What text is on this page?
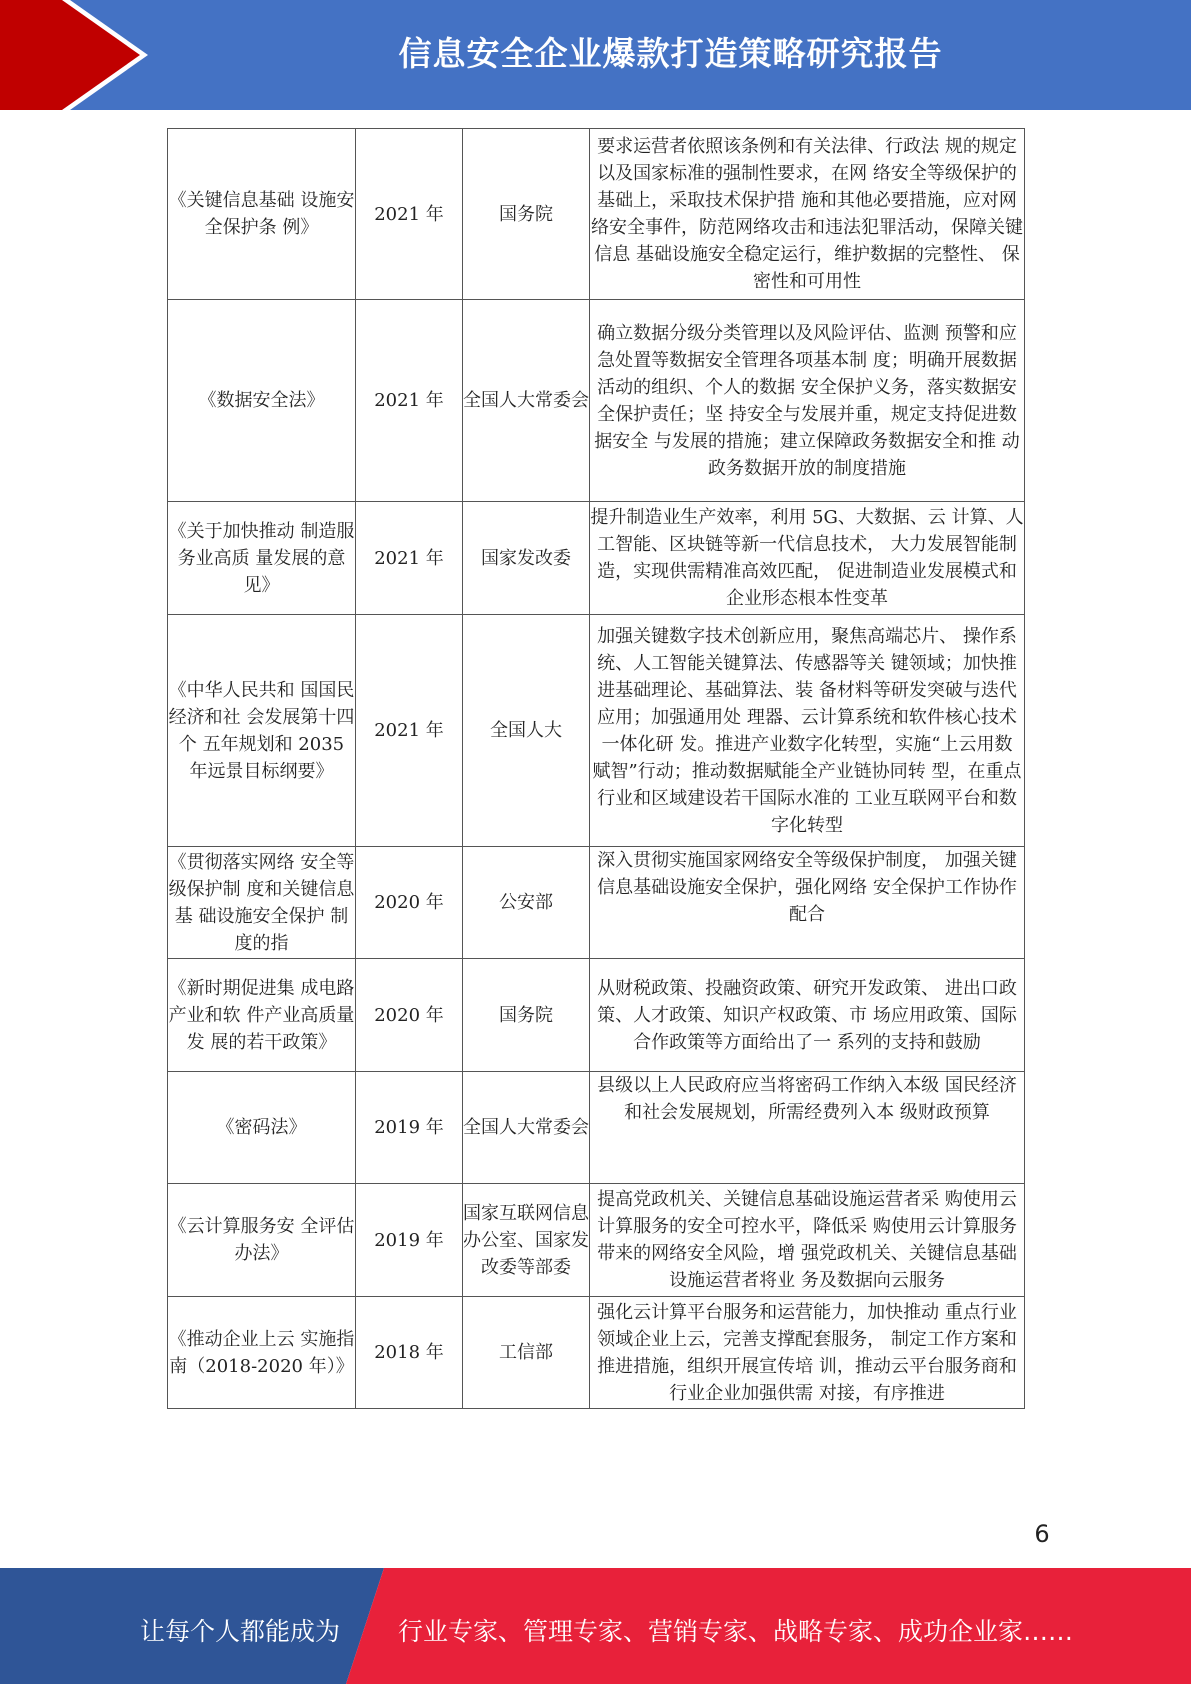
信息安全企业爆款打造策略研究报告
《关键信息基础 设施安全保护条 例》	2021 年	国务院	要求运营者依照该条例和有关法律、行政法 规的规定以及国家标准的强制性要求，在网 络安全等级保护的基础上，采取技术保护措 施和其他必要措施，应对网络安全事件，防范网络攻击和违法犯罪活动，保障关键信息 基础设施安全稳定运行，维护数据的完整性、 保密性和可用性
《数据安全法》	2021 年	全国人大常委会	确立数据分级分类管理以及风险评估、监测 预警和应急处置等数据安全管理各项基本制 度；明确开展数据活动的组织、个人的数据 安全保护义务，落实数据安全保护责任；坚 持安全与发展并重，规定支持促进数据安全 与发展的措施；建立保障政务数据安全和推 动政务数据开放的制度措施
《关于加快推动 制造服务业高质 量发展的意见》	2021 年	国家发改委	提升制造业生产效率，利用 5G、大数据、云 计算、人工智能、区块链等新一代信息技术， 大力发展智能制造，实现供需精准高效匹配， 促进制造业发展模式和企业形态根本性变革
《中华人民共和 国国民经济和社 会发展第十四个 五年规划和 2035 年远景目标纲要》	2021 年	全国人大	加强关键数字技术创新应用，聚焦高端芯片、 操作系统、人工智能关键算法、传感器等关 键领域；加快推进基础理论、基础算法、装 备材料等研发突破与迭代应用；加强通用处 理器、云计算系统和软件核心技术一体化研 发。推进产业数字化转型，实施“上云用数 赋智”行动；推动数据赋能全产业链协同转 型，在重点行业和区域建设若干国际水准的 工业互联网平台和数字化转型
《贯彻落实网络 安全等级保护制 度和关键信息基 础设施安全保护 制度的指	2020 年	公安部	深入贯彻实施国家网络安全等级保护制度， 加强关键信息基础设施安全保护，强化网络 安全保护工作协作配合
《新时期促进集 成电路产业和软 件产业高质量发 展的若干政策》	2020 年	国务院	从财税政策、投融资政策、研究开发政策、 进出口政策、人才政策、知识产权政策、市 场应用政策、国际合作政策等方面给出了一 系列的支持和鼓励
《密码法》	2019 年	全国人大常委会	县级以上人民政府应当将密码工作纳入本级 国民经济和社会发展规划，所需经费列入本 级财政预算
《云计算服务安 全评估办法》	2019 年	国家互联网信息办公室、国家发改委等部委	提高党政机关、关键信息基础设施运营者采 购使用云计算服务的安全可控水平，降低采 购使用云计算服务带来的网络安全风险，增 强党政机关、关键信息基础设施运营者将业 务及数据向云服务
《推动企业上云 实施指南（2018-2020 年）》	2018 年	工信部	强化云计算平台服务和运营能力，加快推动 重点行业领域企业上云，完善支撑配套服务， 制定工作方案和推进措施，组织开展宣传培 训，推动云平台服务商和行业企业加强供需 对接，有序推进
6
让每个人都能成为 行业专家、管理专家、营销专家、战略专家、成功企业家……
